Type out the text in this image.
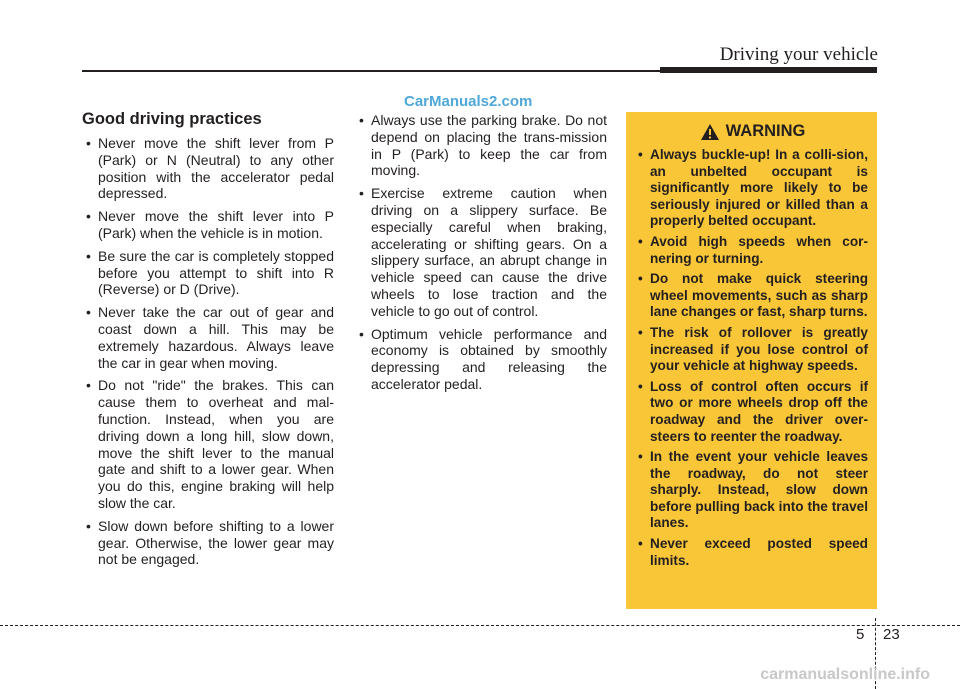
Driving your vehicle
CarManuals2.com
Good driving practices
• Never move the shift lever from P (Park) or N (Neutral) to any other position with the accelerator pedal depressed.
• Never move the shift lever into P (Park) when the vehicle is in motion.
• Be sure the car is completely stopped before you attempt to shift into R (Reverse) or D (Drive).
• Never take the car out of gear and coast down a hill. This may be extremely hazardous. Always leave the car in gear when moving.
• Do not "ride" the brakes. This can cause them to overheat and mal-function. Instead, when you are driving down a long hill, slow down, move the shift lever to the manual gate and shift to a lower gear. When you do this, engine braking will help slow the car.
• Slow down before shifting to a lower gear. Otherwise, the lower gear may not be engaged.
• Always use the parking brake. Do not depend on placing the trans-mission in P (Park) to keep the car from moving.
• Exercise extreme caution when driving on a slippery surface. Be especially careful when braking, accelerating or shifting gears. On a slippery surface, an abrupt change in vehicle speed can cause the drive wheels to lose traction and the vehicle to go out of control.
• Optimum vehicle performance and economy is obtained by smoothly depressing and releasing the accelerator pedal.
WARNING
• Always buckle-up! In a colli-sion, an unbelted occupant is significantly more likely to be seriously injured or killed than a properly belted occupant.
• Avoid high speeds when cor-nering or turning.
• Do not make quick steering wheel movements, such as sharp lane changes or fast, sharp turns.
• The risk of rollover is greatly increased if you lose control of your vehicle at highway speeds.
• Loss of control often occurs if two or more wheels drop off the roadway and the driver over-steers to reenter the roadway.
• In the event your vehicle leaves the roadway, do not steer sharply. Instead, slow down before pulling back into the travel lanes.
• Never exceed posted speed limits.
5 23
carmanualsonline.info
